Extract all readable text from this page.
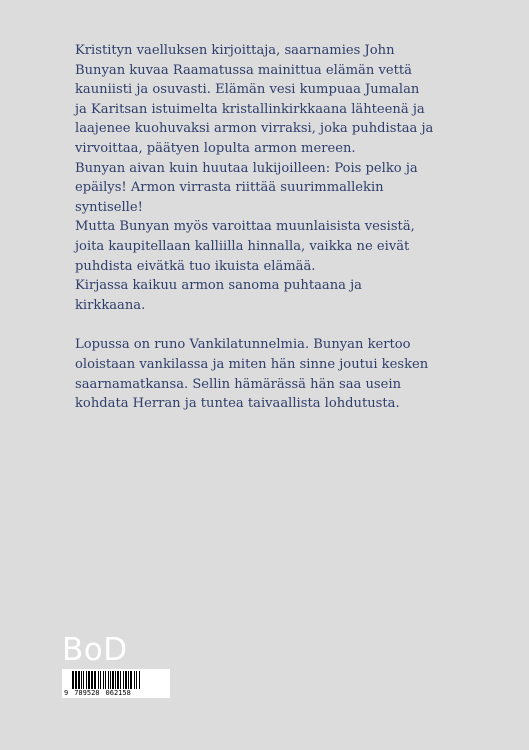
Kristityn vaelluksen kirjoittaja, saarnamies John
Bunyan kuvaa Raamatussa mainittua elämän vettä
kauniisti ja osuvasti. Elämän vesi kumpuaa Jumalan
ja Karitsan istuimelta kristallinkirkkaana lähteenä ja
laajenee kuohuvaksi armon virraksi, joka puhdistaa ja
virvoittaa, päätyen lopulta armon mereen.

Bunyan aivan kuin huutaa lukijoilleen: Pois pelko ja
epäilys! Armon virrasta riittää suurimmallekin
syntiselle!

Mutta Bunyan myös varoittaa muunlaisista vesistä,
joita kaupitellaan kalliilla hinnalla, vaikka ne eivät
puhdista eivätkä tuo ikuista elämää.

Kirjassa kaikuu armon sanoma puhtaana ja
kirkkaana.

Lopussa on runo Vankilatunnelmia. Bunyan kertoo
oloistaan vankilassa ja miten hän sinne joutui kesken
saarnamatkansa. Sellin hämärässä hän saa usein
kohdata Herran ja tuntea taivaallista lohdutusta.

BoD
9 789528 062158
